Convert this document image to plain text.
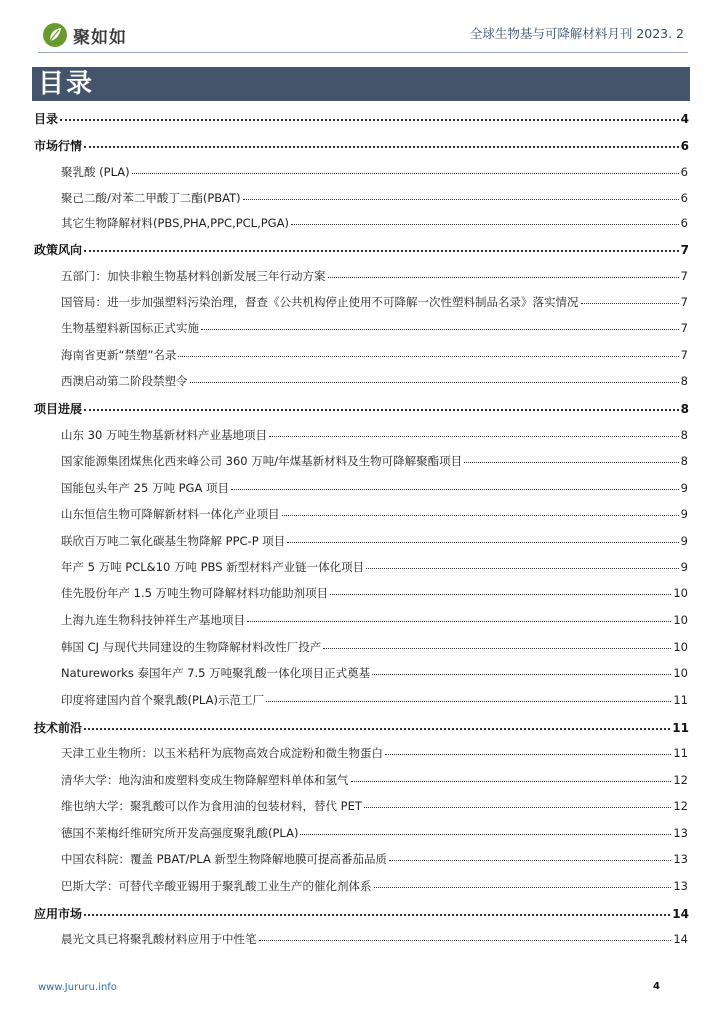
聚如如	全球生物基与可降解材料月刊 2023. 2
目录
目录	4
市场行情	6
聚乳酸 (PLA)	6
聚己二酸/对苯二甲酸丁二酯(PBAT)	6
其它生物降解材料(PBS,PHA,PPC,PCL,PGA)	6
政策风向	7
五部门：加快非粮生物基材料创新发展三年行动方案	7
国管局：进一步加强塑料污染治理，督查《公共机构停止使用不可降解一次性塑料制品名录》落实情况	7
生物基塑料新国标正式实施	7
海南省更新“禁塑”名录	7
西澳启动第二阶段禁塑令	8
项目进展	8
山东 30 万吨生物基新材料产业基地项目	8
国家能源集团煤焦化西来峰公司 360 万吨/年煤基新材料及生物可降解聚酯项目	8
国能包头年产 25 万吨 PGA 项目	9
山东恒信生物可降解新材料一体化产业项目	9
联欣百万吨二氧化碳基生物降解 PPC-P 项目	9
年产 5 万吨 PCL&10 万吨 PBS 新型材料产业链一体化项目	9
佳先股份年产 1.5 万吨生物可降解材料功能助剂项目	10
上海九连生物科技钟祥生产基地项目	10
韩国 CJ 与现代共同建设的生物降解材料改性厂投产	10
Natureworks 泰国年产 7.5 万吨聚乳酸一体化项目正式奠基	10
印度将建国内首个聚乳酸(PLA)示范工厂	11
技术前沿	11
天津工业生物所：以玉米秸秆为底物高效合成淀粉和微生物蛋白	11
清华大学：地沟油和废塑料变成生物降解塑料单体和氢气	12
维也纳大学：聚乳酸可以作为食用油的包装材料，替代 PET	12
德国不莱梅纤维研究所开发高强度聚乳酸(PLA)	13
中国农科院：覆盖 PBAT/PLA 新型生物降解地膜可提高番茄品质	13
巴斯大学：可替代辛酸亚锡用于聚乳酸工业生产的催化剂体系	13
应用市场	14
晨光文具已将聚乳酸材料应用于中性笔	14
www.Jururu.info	4
